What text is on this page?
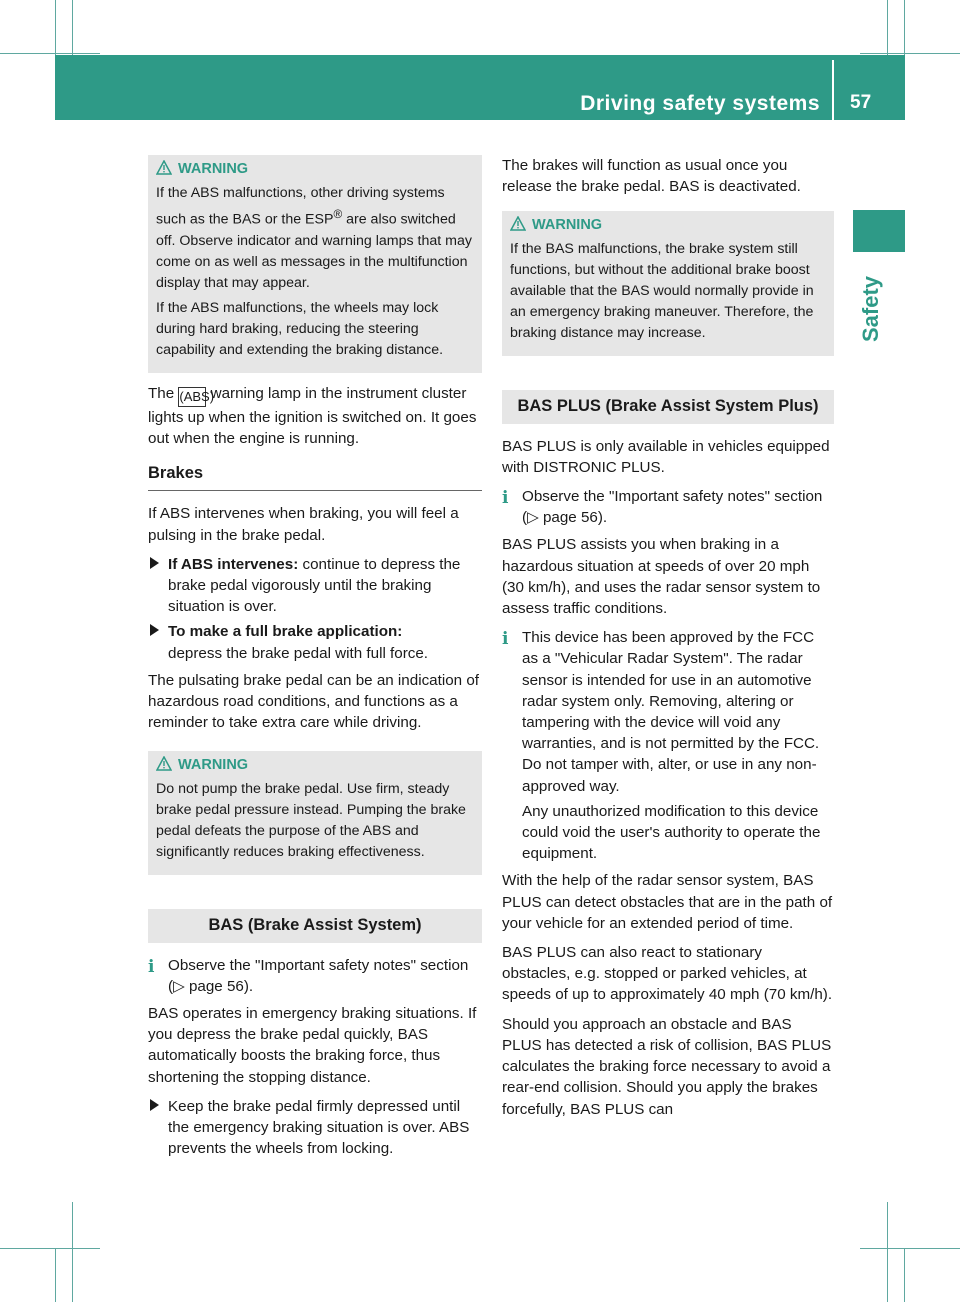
Driving safety systems 57
Safety
WARNING

If the ABS malfunctions, other driving systems such as the BAS or the ESP® are also switched off. Observe indicator and warning lamps that may come on as well as messages in the multifunction display that may appear.

If the ABS malfunctions, the wheels may lock during hard braking, reducing the steering capability and extending the braking distance.

The (ABS) warning lamp in the instrument cluster lights up when the ignition is switched on. It goes out when the engine is running.

Brakes

If ABS intervenes when braking, you will feel a pulsing in the brake pedal.

If ABS intervenes: continue to depress the brake pedal vigorously until the braking situation is over.
To make a full brake application:
depress the brake pedal with full force.

The pulsating brake pedal can be an indication of hazardous road conditions, and functions as a reminder to take extra care while driving.

WARNING

Do not pump the brake pedal. Use firm, steady brake pedal pressure instead. Pumping the brake pedal defeats the purpose of the ABS and significantly reduces braking effectiveness.

BAS (Brake Assist System)
i Observe the "Important safety notes" section (▷ page 56).

BAS operates in emergency braking situations. If you depress the brake pedal quickly, BAS automatically boosts the braking force, thus shortening the stopping distance.

Keep the brake pedal firmly depressed until the emergency braking situation is over. ABS prevents the wheels from locking.

The brakes will function as usual once you release the brake pedal. BAS is deactivated.

WARNING

If the BAS malfunctions, the brake system still functions, but without the additional brake boost available that the BAS would normally provide in an emergency braking maneuver. Therefore, the braking distance may increase.

BAS PLUS (Brake Assist System Plus)

BAS PLUS is only available in vehicles equipped with DISTRONIC PLUS.

i Observe the "Important safety notes" section (▷ page 56).

BAS PLUS assists you when braking in a hazardous situation at speeds of over 20 mph (30 km/h), and uses the radar sensor system to assess traffic conditions.

i This device has been approved by the FCC as a "Vehicular Radar System". The radar sensor is intended for use in an automotive radar system only. Removing, altering or tampering with the device will void any warranties, and is not permitted by the FCC. Do not tamper with, alter, or use in any non-approved way.

Any unauthorized modification to this device could void the user's authority to operate the equipment.

With the help of the radar sensor system, BAS PLUS can detect obstacles that are in the path of your vehicle for an extended period of time.

BAS PLUS can also react to stationary obstacles, e.g. stopped or parked vehicles, at speeds of up to approximately 40 mph (70 km/h).

Should you approach an obstacle and BAS PLUS has detected a risk of collision, BAS PLUS calculates the braking force necessary to avoid a rear-end collision. Should you apply the brakes forcefully, BAS PLUS can
